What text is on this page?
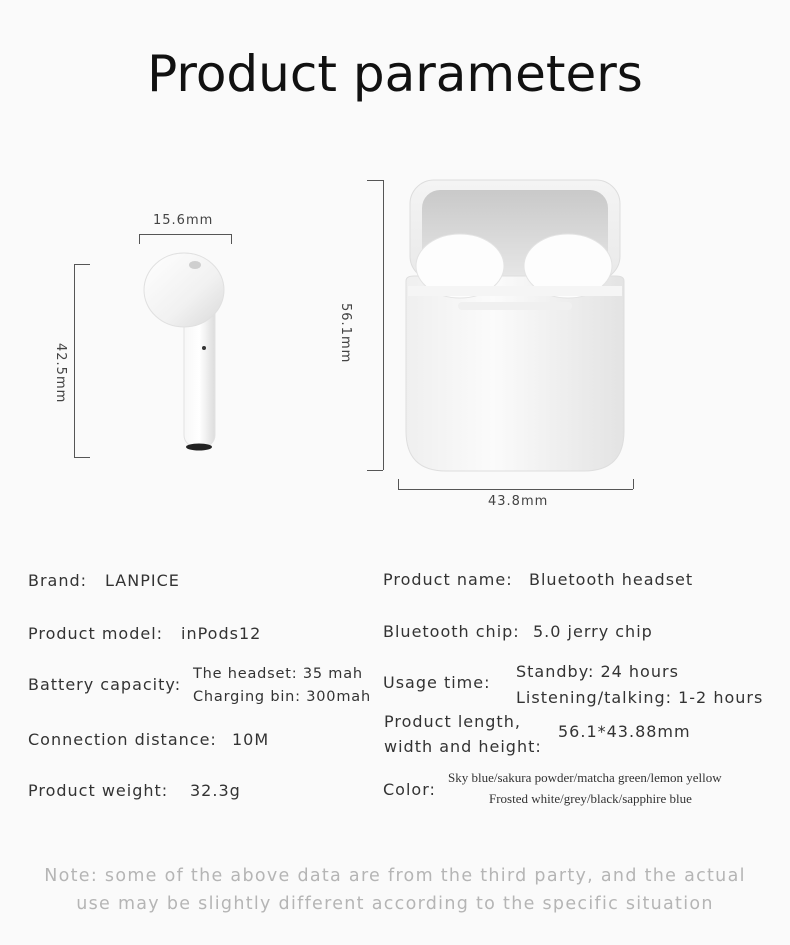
Product parameters
15.6mm
42.5mm
56.1mm
43.8mm
Brand: LANPICE
Product model: inPods12
Battery capacity:
The headset: 35 mah
Charging bin: 300mah
Connection distance: 10M
Product weight: 32.3g
Product name: Bluetooth headset
Bluetooth chip: 5.0 jerry chip
Usage time:
Standby: 24 hours
Listening/talking: 1-2 hours
Product length,
width and height:
56.1*43.88mm
Color:
Sky blue/sakura powder/matcha green/lemon yellow
Frosted white/grey/black/sapphire blue
Note: some of the above data are from the third party, and the actual
use may be slightly different according to the specific situation
